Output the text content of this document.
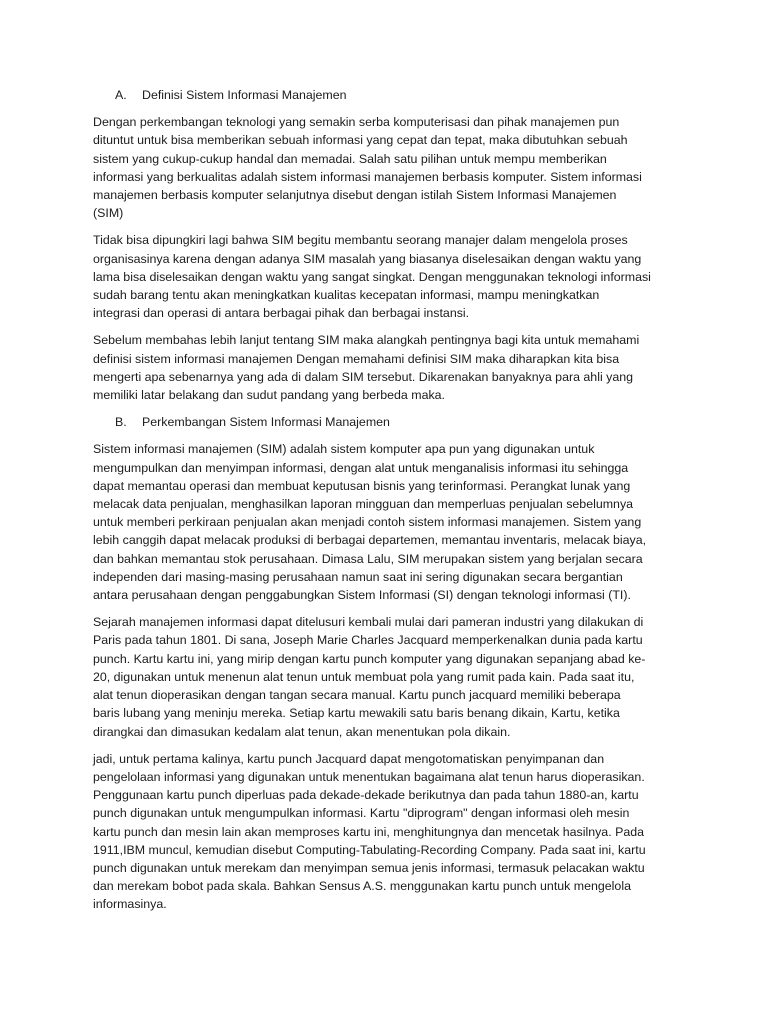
A. Definisi Sistem Informasi Manajemen
Dengan perkembangan teknologi yang semakin serba komputerisasi dan pihak manajemen pun
dituntut untuk bisa memberikan sebuah informasi yang cepat dan tepat, maka dibutuhkan sebuah
sistem yang cukup-cukup handal dan memadai. Salah satu pilihan untuk mempu memberikan
informasi yang berkualitas adalah sistem informasi manajemen berbasis komputer. Sistem informasi
manajemen berbasis komputer selanjutnya disebut dengan istilah Sistem Informasi Manajemen
(SIM)
Tidak bisa dipungkiri lagi bahwa SIM begitu membantu seorang manajer dalam mengelola proses
organisasinya karena dengan adanya SIM masalah yang biasanya diselesaikan dengan waktu yang
lama bisa diselesaikan dengan waktu yang sangat singkat. Dengan menggunakan teknologi informasi
sudah barang tentu akan meningkatkan kualitas kecepatan informasi, mampu meningkatkan
integrasi dan operasi di antara berbagai pihak dan berbagai instansi.
Sebelum membahas lebih lanjut tentang SIM maka alangkah pentingnya bagi kita untuk memahami
definisi sistem informasi manajemen Dengan memahami definisi SIM maka diharapkan kita bisa
mengerti apa sebenarnya yang ada di dalam SIM tersebut. Dikarenakan banyaknya para ahli yang
memiliki latar belakang dan sudut pandang yang berbeda maka.
B. Perkembangan Sistem Informasi Manajemen
Sistem informasi manajemen (SIM) adalah sistem komputer apa pun yang digunakan untuk
mengumpulkan dan menyimpan informasi, dengan alat untuk menganalisis informasi itu sehingga
dapat memantau operasi dan membuat keputusan bisnis yang terinformasi. Perangkat lunak yang
melacak data penjualan, menghasilkan laporan mingguan dan memperluas penjualan sebelumnya
untuk memberi perkiraan penjualan akan menjadi contoh sistem informasi manajemen. Sistem yang
lebih canggih dapat melacak produksi di berbagai departemen, memantau inventaris, melacak biaya,
dan bahkan memantau stok perusahaan. Dimasa Lalu, SIM merupakan sistem yang berjalan secara
independen dari masing-masing perusahaan namun saat ini sering digunakan secara bergantian
antara perusahaan dengan penggabungkan Sistem Informasi (SI) dengan teknologi informasi (TI).
Sejarah manajemen informasi dapat ditelusuri kembali mulai dari pameran industri yang dilakukan di
Paris pada tahun 1801. Di sana, Joseph Marie Charles Jacquard memperkenalkan dunia pada kartu
punch. Kartu kartu ini, yang mirip dengan kartu punch komputer yang digunakan sepanjang abad ke-
20, digunakan untuk menenun alat tenun untuk membuat pola yang rumit pada kain. Pada saat itu,
alat tenun dioperasikan dengan tangan secara manual. Kartu punch jacquard memiliki beberapa
baris lubang yang meninju mereka. Setiap kartu mewakili satu baris benang dikain, Kartu, ketika
dirangkai dan dimasukan kedalam alat tenun, akan menentukan pola dikain.
jadi, untuk pertama kalinya, kartu punch Jacquard dapat mengotomatiskan penyimpanan dan
pengelolaan informasi yang digunakan untuk menentukan bagaimana alat tenun harus dioperasikan.
Penggunaan kartu punch diperluas pada dekade-dekade berikutnya dan pada tahun 1880-an, kartu
punch digunakan untuk mengumpulkan informasi. Kartu "diprogram" dengan informasi oleh mesin
kartu punch dan mesin lain akan memproses kartu ini, menghitungnya dan mencetak hasilnya. Pada
1911,IBM muncul, kemudian disebut Computing-Tabulating-Recording Company. Pada saat ini, kartu
punch digunakan untuk merekam dan menyimpan semua jenis informasi, termasuk pelacakan waktu
dan merekam bobot pada skala. Bahkan Sensus A.S. menggunakan kartu punch untuk mengelola
informasinya.
